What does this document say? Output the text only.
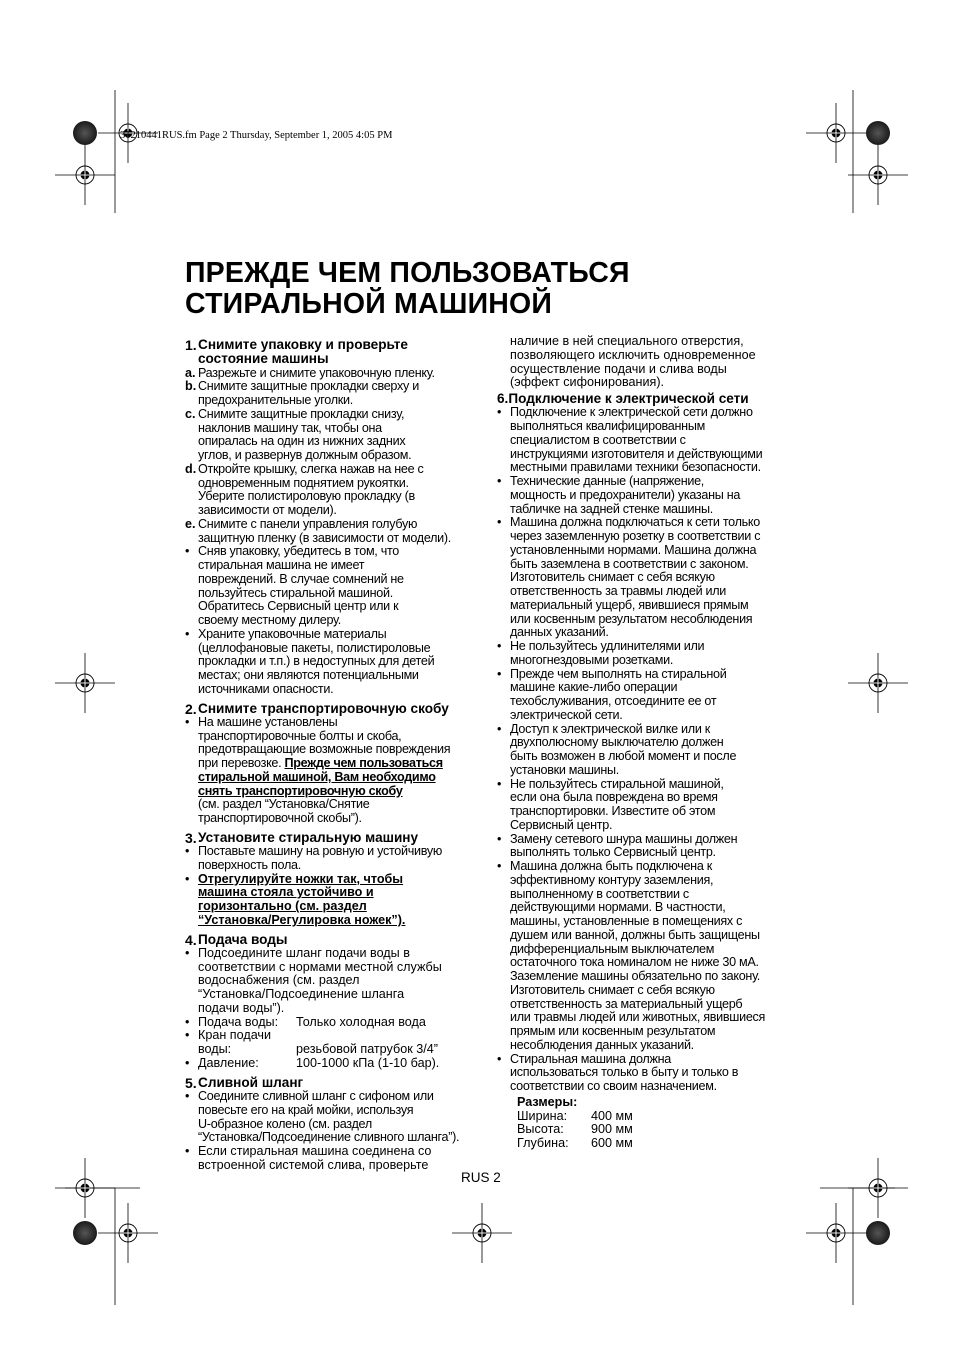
31210441RUS.fm Page 2 Thursday, September 1, 2005 4:05 PM
ПРЕЖДЕ ЧЕМ ПОЛЬЗОВАТЬСЯ
СТИРАЛЬНОЙ МАШИНОЙ
1. Снимите упаковку и проверьте
состояние машины
a. Разрежьте и снимите упаковочную пленку.
b. Снимите защитные прокладки сверху и
предохранительные уголки.
c. Снимите защитные прокладки снизу,
наклонив машину так, чтобы она
опиралась на один из нижних задних
углов, и развернув должным образом.
d. Откройте крышку, слегка нажав на нее с
одновременным поднятием рукоятки.
Уберите полистироловую прокладку (в
зависимости от модели).
e. Снимите с панели управления голубую
защитную пленку (в зависимости от модели).
• Сняв упаковку, убедитесь в том, что
стиральная машина не имеет
повреждений. В случае сомнений не
пользуйтесь стиральной машиной.
Обратитесь Сервисный центр или к
своему местному дилеру.
• Храните упаковочные материалы
(целлофановые пакеты, полистироловые
прокладки и т.п.) в недоступных для детей
местах; они являются потенциальными
источниками опасности.
2. Снимите транспортировочную скобу
• На машине установлены
транспортировочные болты и скоба,
предотвращающие возможные повреждения
при перевозке. Прежде чем пользоваться
стиральной машиной, Вам необходимо
снять транспортировочную скобу
(см. раздел “Установка/Снятие
транспортировочной скобы”).
3. Установите стиральную машину
• Поставьте машину на ровную и устойчивую
поверхность пола.
• Отрегулируйте ножки так, чтобы
машина стояла устойчиво и
горизонтально (см. раздел
“Установка/Регулировка ножек”).
4. Подача воды
• Подсоедините шланг подачи воды в
соответствии с нормами местной службы
водоснабжения (см. раздел
“Установка/Подсоединение шланга
подачи воды”).
• Подача воды:	Только холодная вода
• Кран подачи
воды:	резьбовой патрубок 3/4”
• Давление:	100-1000 кПа (1-10 бар).
5. Сливной шланг
• Соедините сливной шланг с сифоном или
повесьте его на край мойки, используя
U-образное колено (см. раздел
“Установка/Подсоединение сливного шланга”).
• Если стиральная машина соединена со
встроенной системой слива, проверьте
наличие в ней специального отверстия,
позволяющего исключить одновременное
осуществление подачи и слива воды
(эффект сифонирования).
6. Подключение к электрической сети
• Подключение к электрической сети должно
выполняться квалифицированным
специалистом в соответствии с
инструкциями изготовителя и действующими
местными правилами техники безопасности.
• Технические данные (напряжение,
мощность и предохранители) указаны на
табличке на задней стенке машины.
• Машина должна подключаться к сети только
через заземленную розетку в соответствии с
установленными нормами. Машина должна
быть заземлена в соответствии с законом.
Изготовитель снимает с себя всякую
ответственность за травмы людей или
материальный ущерб, явившиеся прямым
или косвенным результатом несоблюдения
данных указаний.
• Не пользуйтесь удлинителями или
многогнездовыми розетками.
• Прежде чем выполнять на стиральной
машине какие-либо операции
техобслуживания, отсоедините ее от
электрической сети.
• Доступ к электрической вилке или к
двухполюсному выключателю должен
быть возможен в любой момент и после
установки машины.
• Не пользуйтесь стиральной машиной,
если она была повреждена во время
транспортировки. Известите об этом
Сервисный центр.
• Замену сетевого шнура машины должен
выполнять только Сервисный центр.
• Машина должна быть подключена к
эффективному контуру заземления,
выполненному в соответствии с
действующими нормами. В частности,
машины, установленные в помещениях с
душем или ванной, должны быть защищены
дифференциальным выключателем
остаточного тока номиналом не ниже 30 мА.
Заземление машины обязательно по закону.
Изготовитель снимает с себя всякую
ответственность за материальный ущерб
или травмы людей или животных, явившиеся
прямым или косвенным результатом
несоблюдения данных указаний.
• Стиральная машина должна
использоваться только в быту и только в
соответствии со своим назначением.
Размеры:
Ширина:	400 мм
Высота:	900 мм
Глубина:	600 мм
RUS 2
